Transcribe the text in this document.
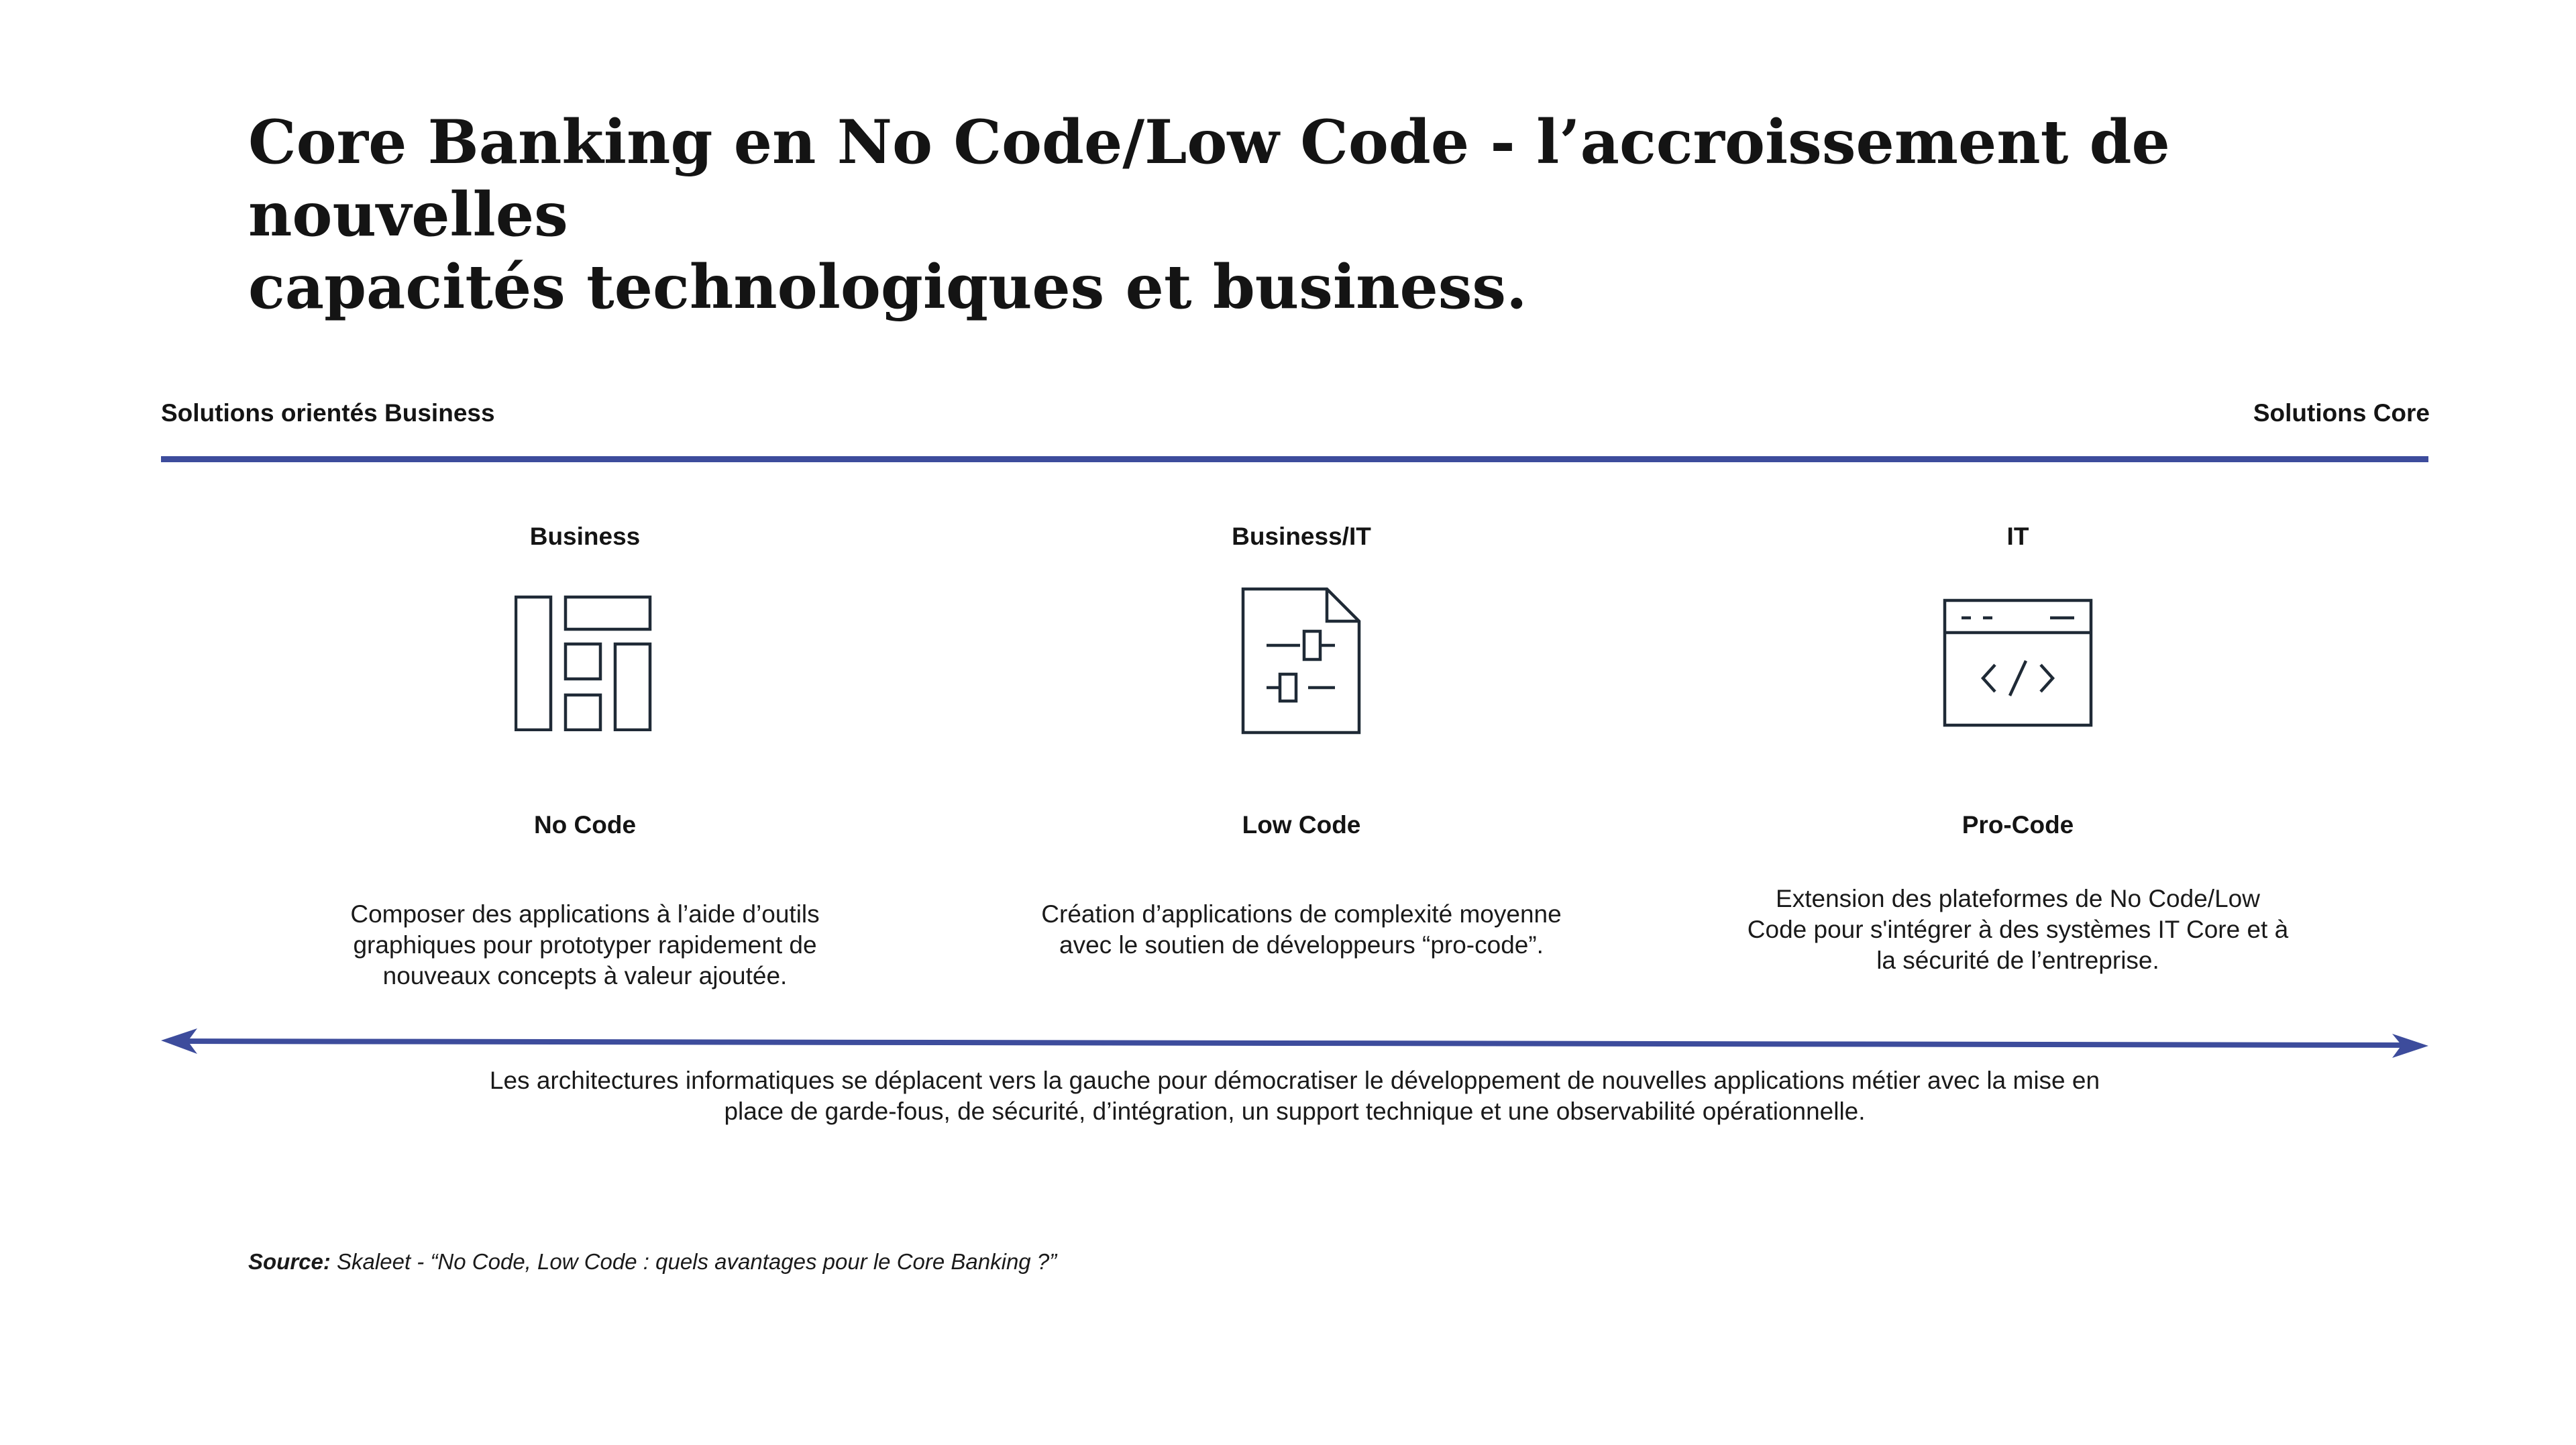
Core Banking en No Code/Low Code - l’accroissement de nouvelles
capacités technologiques et business.
Solutions orientés Business	Solutions Core
Business
No Code
Composer des applications à l’aide d’outils graphiques pour prototyper rapidement de nouveaux concepts à valeur ajoutée.
Business/IT
Low Code
Création d’applications de complexité moyenne avec le soutien de développeurs “pro-code”.
IT
Pro-Code
Extension des plateformes de No Code/Low Code pour s'intégrer à des systèmes IT Core et à la sécurité de l’entreprise.
Les architectures informatiques se déplacent vers la gauche pour démocratiser le développement de nouvelles applications métier avec la mise en place de garde-fous, de sécurité, d’intégration, un support technique et une observabilité opérationnelle.
Source: Skaleet - “No Code, Low Code : quels avantages pour le Core Banking ?”
